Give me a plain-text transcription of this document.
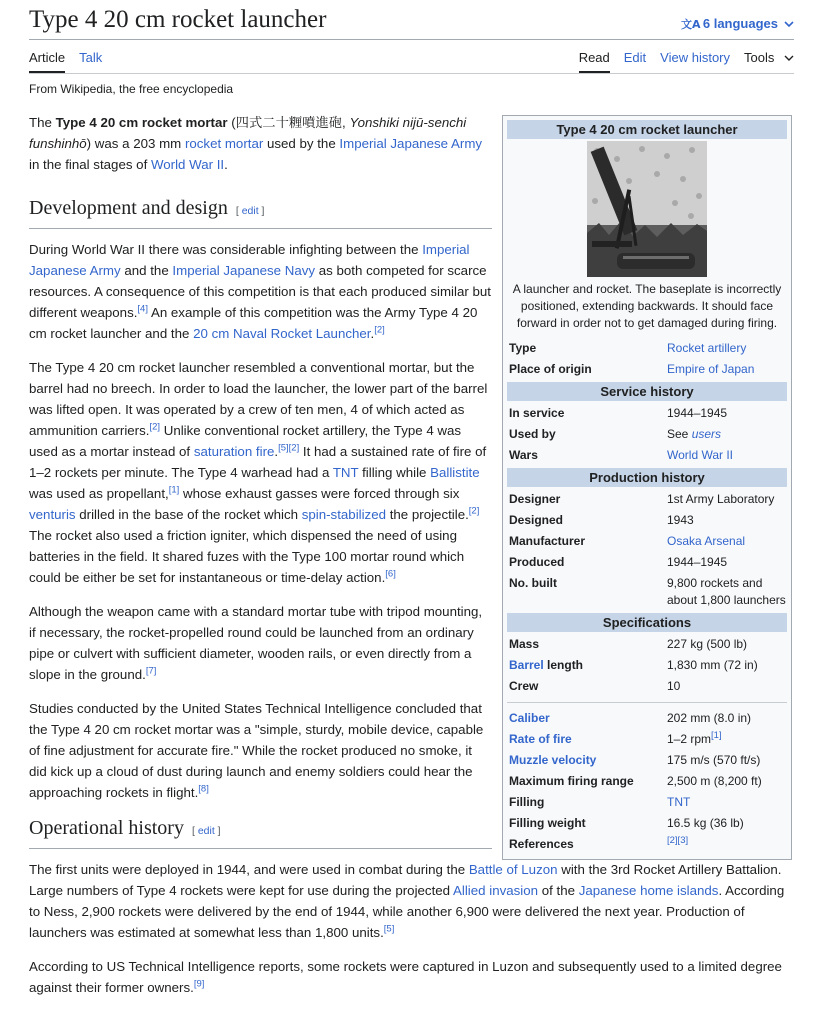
Type 4 20 cm rocket launcher	文A 6 languages
Article Talk	Read Edit View history Tools
From Wikipedia, the free encyclopedia

The Type 4 20 cm rocket mortar (四式二十糎噴進砲, Yonshiki nijū-senchi funshinhō) was a 203 mm rocket mortar used by the Imperial Japanese Army in the final stages of World War II.

Development and design [ edit ]

During World War II there was considerable infighting between the Imperial Japanese Army and the Imperial Japanese Navy as both competed for scarce resources. A consequence of this competition is that each produced similar but different weapons.[4] An example of this competition was the Army Type 4 20 cm rocket launcher and the 20 cm Naval Rocket Launcher.[2]

The Type 4 20 cm rocket launcher resembled a conventional mortar, but the barrel had no breech. In order to load the launcher, the lower part of the barrel was lifted open. It was operated by a crew of ten men, 4 of which acted as ammunition carriers.[2] Unlike conventional rocket artillery, the Type 4 was used as a mortar instead of saturation fire.[5][2] It had a sustained rate of fire of 1–2 rockets per minute. The Type 4 warhead had a TNT filling while Ballistite was used as propellant,[1] whose exhaust gasses were forced through six venturis drilled in the base of the rocket which spin-stabilized the projectile.[2] The rocket also used a friction igniter, which dispensed the need of using batteries in the field. It shared fuzes with the Type 100 mortar round which could be either be set for instantaneous or time-delay action.[6]

Although the weapon came with a standard mortar tube with tripod mounting, if necessary, the rocket-propelled round could be launched from an ordinary pipe or culvert with sufficient diameter, wooden rails, or even directly from a slope in the ground.[7]

Studies conducted by the United States Technical Intelligence concluded that the Type 4 20 cm rocket mortar was a "simple, sturdy, mobile device, capable of fine adjustment for accurate fire." While the rocket produced no smoke, it did kick up a cloud of dust during launch and enemy soldiers could hear the approaching rockets in flight.[8]

Operational history [ edit ]

The first units were deployed in 1944, and were used in combat during the Battle of Luzon with the 3rd Rocket Artillery Battalion. Large numbers of Type 4 rockets were kept for use during the projected Allied invasion of the Japanese home islands. According to Ness, 2,900 rockets were delivered by the end of 1944, while another 6,900 were delivered the next year. Production of launchers was estimated at somewhat less than 1,800 units.[5]

According to US Technical Intelligence reports, some rockets were captured in Luzon and subsequently used to a limited degree against their former owners.[9]

Type 4 20 cm rocket launcher

A launcher and rocket. The baseplate is incorrectly positioned, extending backwards. It should face forward in order not to get damaged during firing.

Type	Rocket artillery
Place of origin	Empire of Japan
Service history
In service	1944–1945
Used by	See users
Wars	World War II
Production history
Designer	1st Army Laboratory
Designed	1943
Manufacturer	Osaka Arsenal
Produced	1944–1945
No. built	9,800 rockets and about 1,800 launchers
Specifications
Mass	227 kg (500 lb)
Barrel length	1,830 mm (72 in)
Crew	10
Caliber	202 mm (8.0 in)
Rate of fire	1–2 rpm[1]
Muzzle velocity	175 m/s (570 ft/s)
Maximum firing range	2,500 m (8,200 ft)
Filling	TNT
Filling weight	16.5 kg (36 lb)
References	[2][3]
